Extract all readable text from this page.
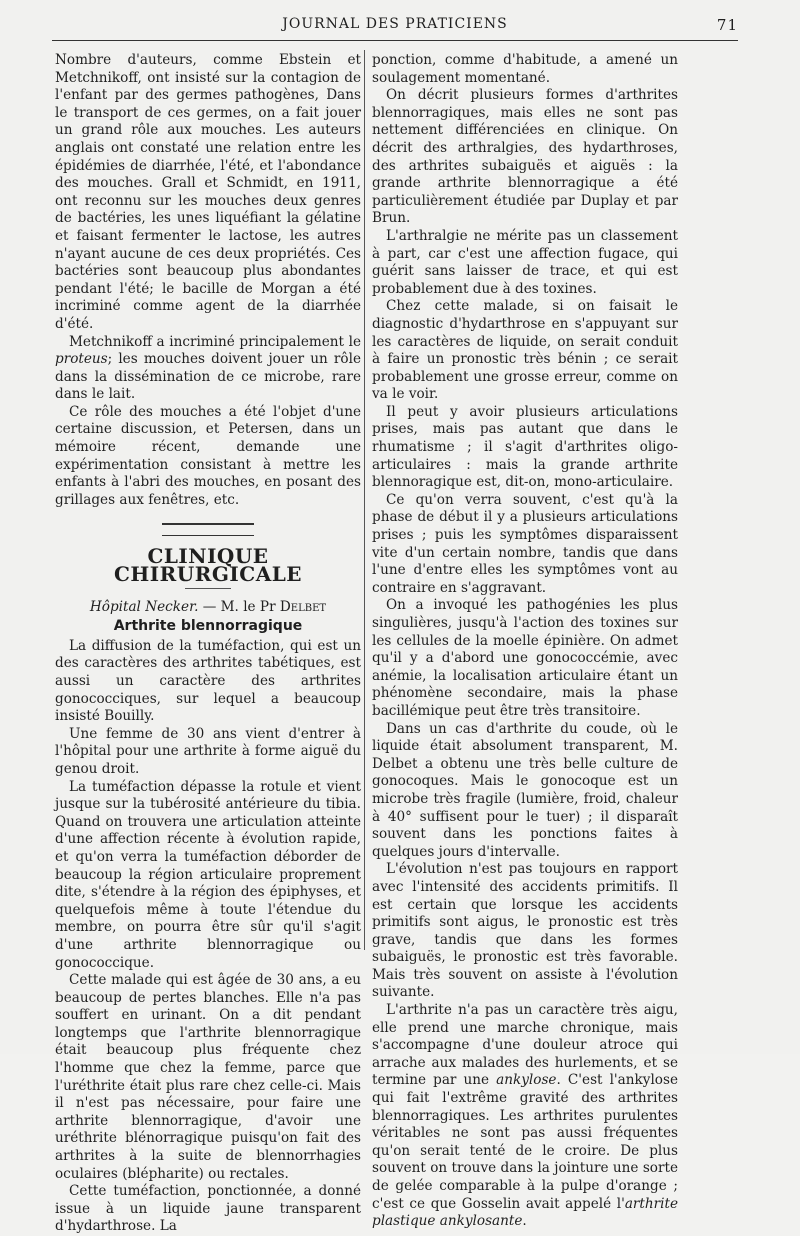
JOURNAL DES PRATICIENS	71

Nombre d'auteurs, comme Ebstein et Metchnikoff, ont insisté sur la contagion de l'enfant par des germes pathogènes, Dans le transport de ces germes, on a fait jouer un grand rôle aux mouches. Les auteurs anglais ont constaté une relation entre les épidémies de diarrhée, l'été, et l'abondance des mouches. Grall et Schmidt, en 1911, ont reconnu sur les mouches deux genres de bactéries, les unes liquéfiant la gélatine et faisant fermenter le lactose, les autres n'ayant aucune de ces deux propriétés. Ces bactéries sont beaucoup plus abondantes pendant l'été; le bacille de Morgan a été incriminé comme agent de la diarrhée d'été.

Metchnikoff a incriminé principalement le proteus; les mouches doivent jouer un rôle dans la dissémination de ce microbe, rare dans le lait.

Ce rôle des mouches a été l'objet d'une certaine discussion, et Petersen, dans un mémoire récent, demande une expérimentation consistant à mettre les enfants à l'abri des mouches, en posant des grillages aux fenêtres, etc.

CLINIQUE CHIRURGICALE
Hôpital Necker. — M. le Pr Delbet
Arthrite blennorragique

La diffusion de la tuméfaction, qui est un des caractères des arthrites tabétiques, est aussi un caractère des arthrites gonococciques, sur lequel a beaucoup insisté Bouilly.

Une femme de 30 ans vient d'entrer à l'hôpital pour une arthrite à forme aiguë du genou droit.

La tuméfaction dépasse la rotule et vient jusque sur la tubérosité antérieure du tibia. Quand on trouvera une articulation atteinte d'une affection récente à évolution rapide, et qu'on verra la tuméfaction déborder de beaucoup la région articulaire proprement dite, s'étendre à la région des épiphyses, et quelquefois même à toute l'étendue du membre, on pourra être sûr qu'il s'agit d'une arthrite blennorragique ou gonococcique.

Cette malade qui est âgée de 30 ans, a eu beaucoup de pertes blanches. Elle n'a pas souffert en urinant. On a dit pendant longtemps que l'arthrite blennorragique était beaucoup plus fréquente chez l'homme que chez la femme, parce que l'uréthrite était plus rare chez celle-ci. Mais il n'est pas nécessaire, pour faire une arthrite blennorragique, d'avoir une uréthrite blénorragique puisqu'on fait des arthrites à la suite de blennorrhagies oculaires (blépharite) ou rectales.

Cette tuméfaction, ponctionnée, a donné issue à un liquide jaune transparent d'hydarthrose. La

ponction, comme d'habitude, a amené un soulagement momentané.

On décrit plusieurs formes d'arthrites blennorragiques, mais elles ne sont pas nettement différenciées en clinique. On décrit des arthralgies, des hydarthroses, des arthrites subaiguës et aiguës : la grande arthrite blennorragique a été particulièrement étudiée par Duplay et par Brun.

L'arthralgie ne mérite pas un classement à part, car c'est une affection fugace, qui guérit sans laisser de trace, et qui est probablement due à des toxines.

Chez cette malade, si on faisait le diagnostic d'hydarthrose en s'appuyant sur les caractères de liquide, on serait conduit à faire un pronostic très bénin ; ce serait probablement une grosse erreur, comme on va le voir.

Il peut y avoir plusieurs articulations prises, mais pas autant que dans le rhumatisme ; il s'agit d'arthrites oligo-articulaires : mais la grande arthrite blennoragique est, dit-on, mono-articulaire.

Ce qu'on verra souvent, c'est qu'à la phase de début il y a plusieurs articulations prises ; puis les symptômes disparaissent vite d'un certain nombre, tandis que dans l'une d'entre elles les symptômes vont au contraire en s'aggravant.

On a invoqué les pathogénies les plus singulières, jusqu'à l'action des toxines sur les cellules de la moelle épinière. On admet qu'il y a d'abord une gonococcémie, avec anémie, la localisation articulaire étant un phénomène secondaire, mais la phase bacillémique peut être très transitoire.

Dans un cas d'arthrite du coude, où le liquide était absolument transparent, M. Delbet a obtenu une très belle culture de gonocoques. Mais le gonocoque est un microbe très fragile (lumière, froid, chaleur à 40° suffisent pour le tuer) ; il disparaît souvent dans les ponctions faites à quelques jours d'intervalle.

L'évolution n'est pas toujours en rapport avec l'intensité des accidents primitifs. Il est certain que lorsque les accidents primitifs sont aigus, le pronostic est très grave, tandis que dans les formes subaiguës, le pronostic est très favorable. Mais très souvent on assiste à l'évolution suivante.

L'arthrite n'a pas un caractère très aigu, elle prend une marche chronique, mais s'accompagne d'une douleur atroce qui arrache aux malades des hurlements, et se termine par une ankylose. C'est l'ankylose qui fait l'extrême gravité des arthrites blennorragiques. Les arthrites purulentes véritables ne sont pas aussi fréquentes qu'on serait tenté de le croire. De plus souvent on trouve dans la jointure une sorte de gelée comparable à la pulpe d'orange ; c'est ce que Gosselin avait appelé l'arthrite plastique ankylosante.
